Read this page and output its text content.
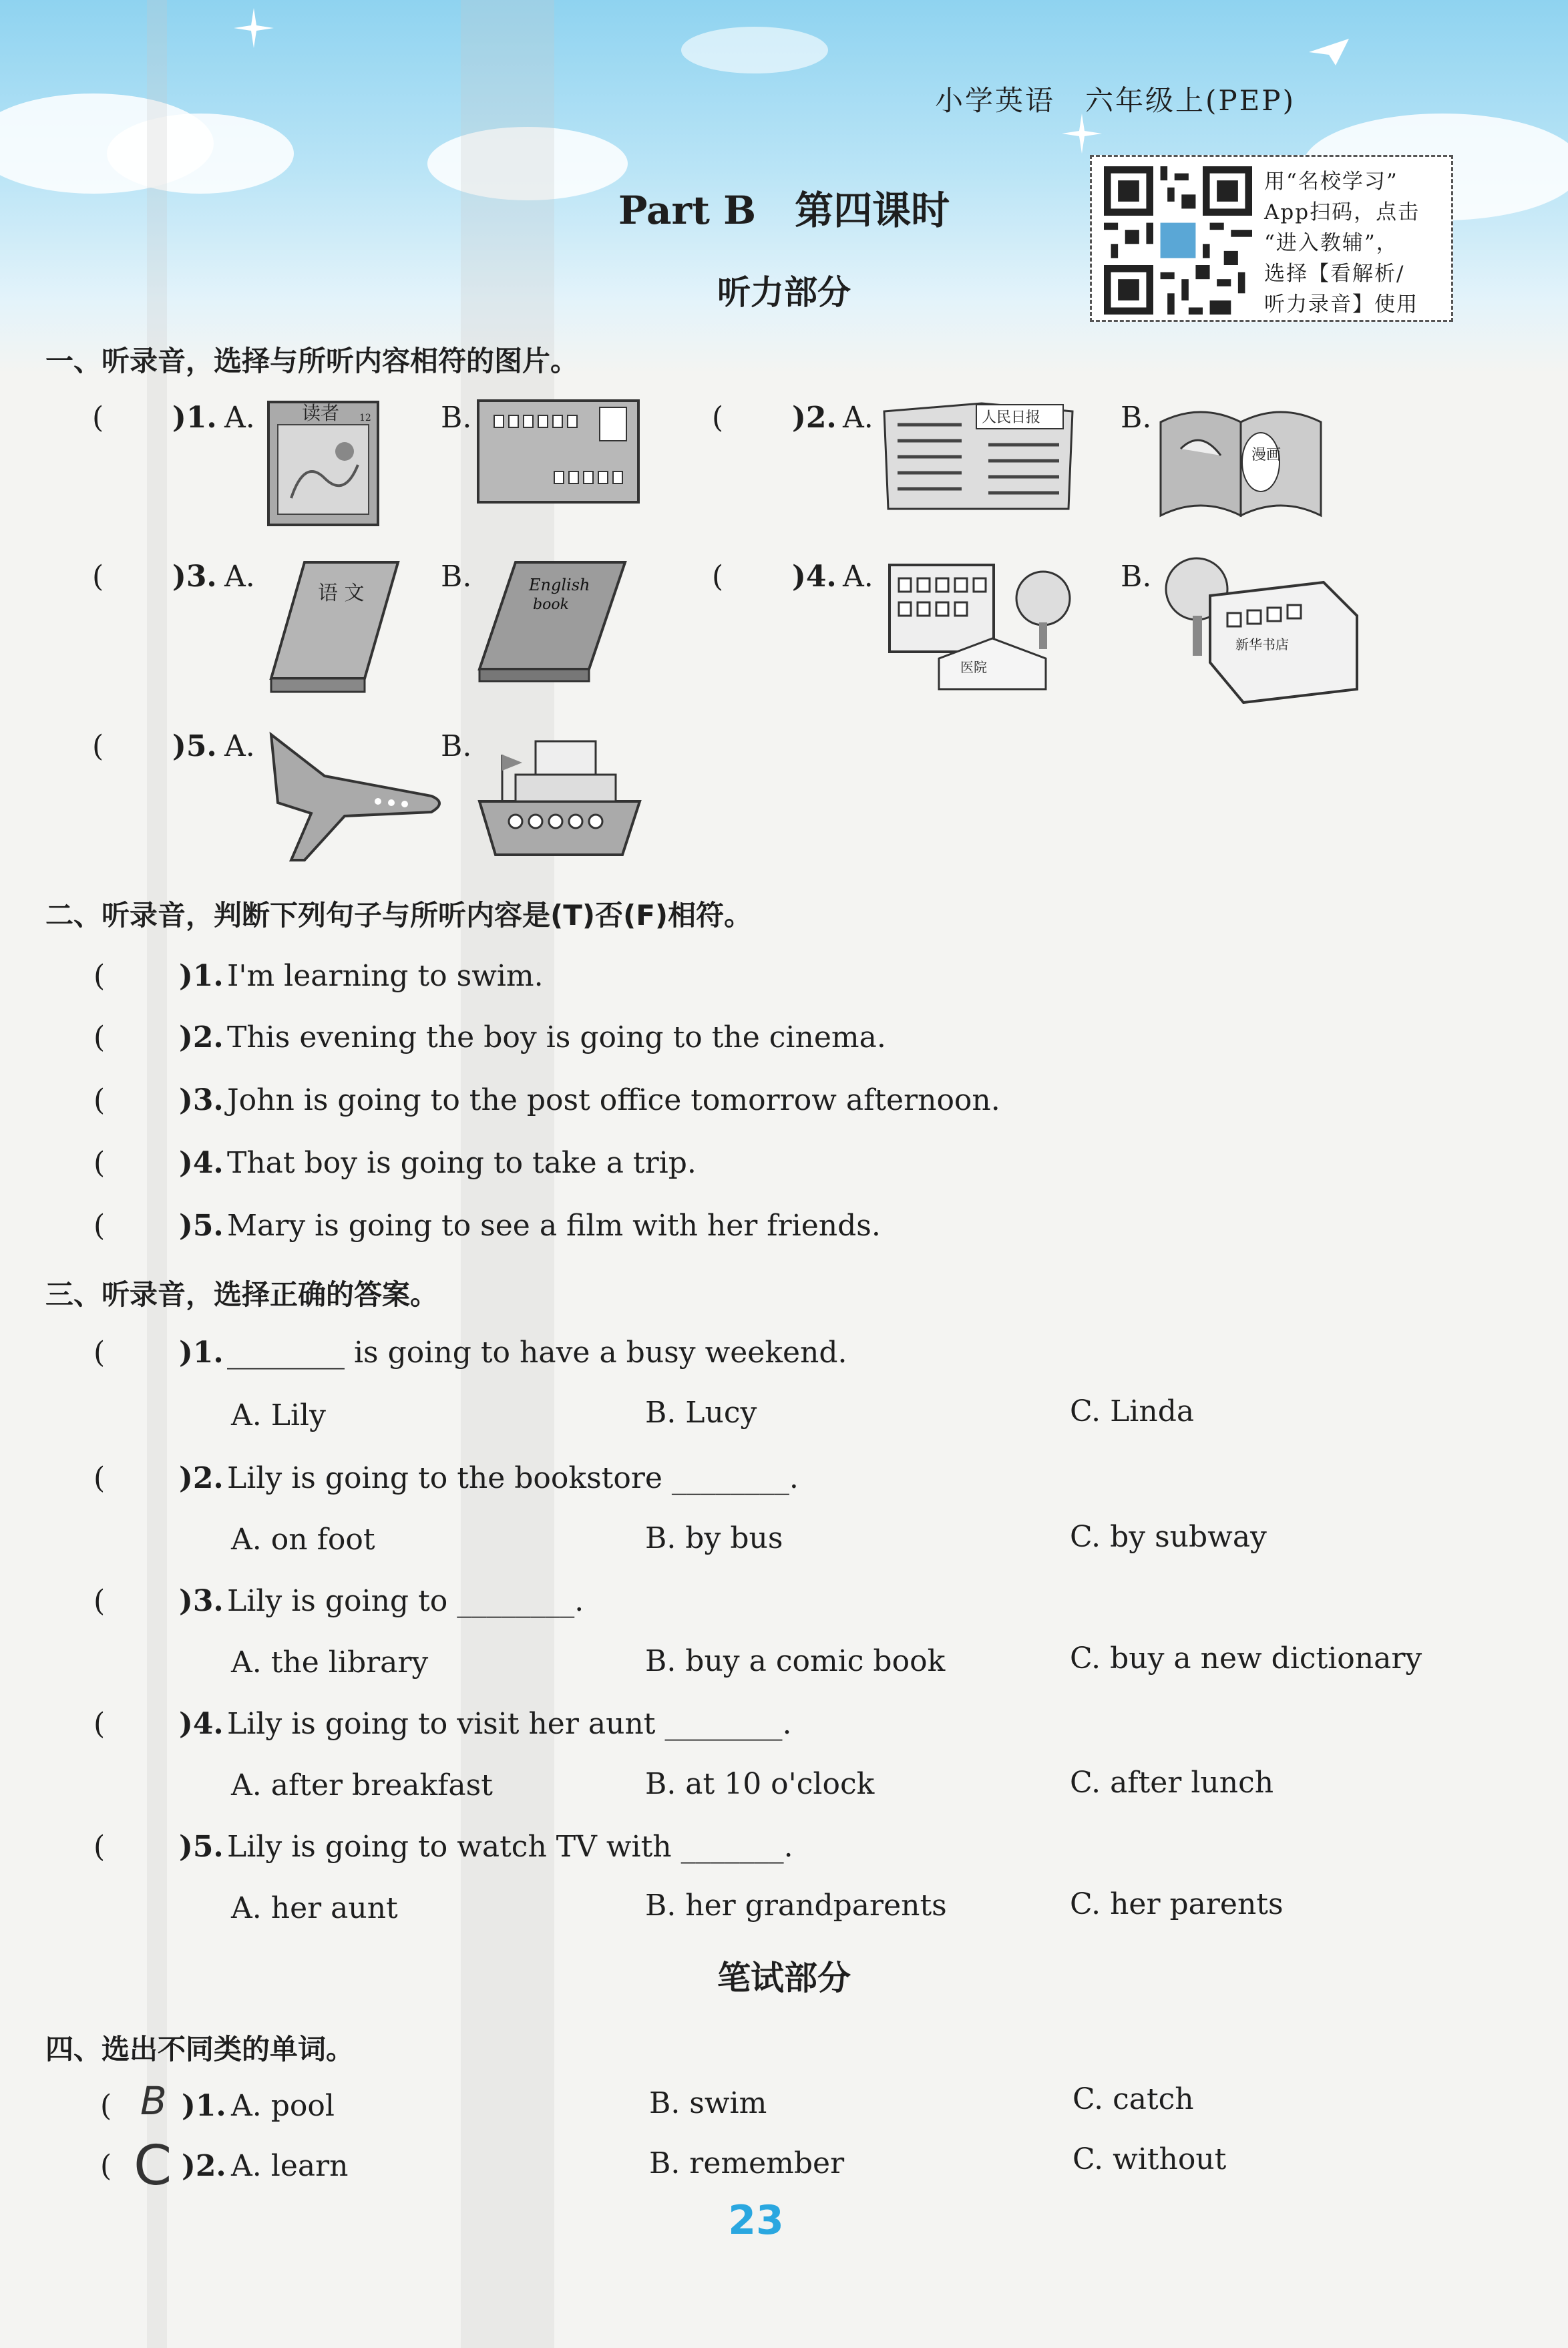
小学英语　六年级上(PEP)
用“名校学习”
App扫码，点击
“进入教辅”，
选择【看解析/
听力录音】使用
Part B　第四课时
听力部分
一、听录音，选择与所听内容相符的图片。
( )1. A.	读者 12 B.	( )2. A.	人民日报	B.
漫画
( )3. A.	语 文	B.	English
book
( )4. A.
医院
B.
新华书店
( )5. A.	B.
二、听录音，判断下列句子与所听内容是(T)否(F)相符。
(	)1. I'm learning to swim.
(	)2. This evening the boy is going to the cinema.
(	)3. John is going to the post office tomorrow afternoon.
(	)4. That boy is going to take a trip.
(	)5. Mary is going to see a film with her friends.
三、听录音，选择正确的答案。
(	)1. ________ is going to have a busy weekend.
A. Lily	B. Lucy	C. Linda
(	)2. Lily is going to the bookstore ________.
A. on foot	B. by bus	C. by subway
(	)3. Lily is going to ________.
A. the library	B. buy a comic book	C. buy a new dictionary
(	)4. Lily is going to visit her aunt ________.
A. after breakfast	B. at 10 o'clock	C. after lunch
(	)5. Lily is going to watch TV with _______.
A. her aunt	B. her grandparents	C. her parents
笔试部分
四、选出不同类的单词。
( B )1. A. pool	B. swim	C. catch
( C )2. A. learn	B. remember	C. without
23
